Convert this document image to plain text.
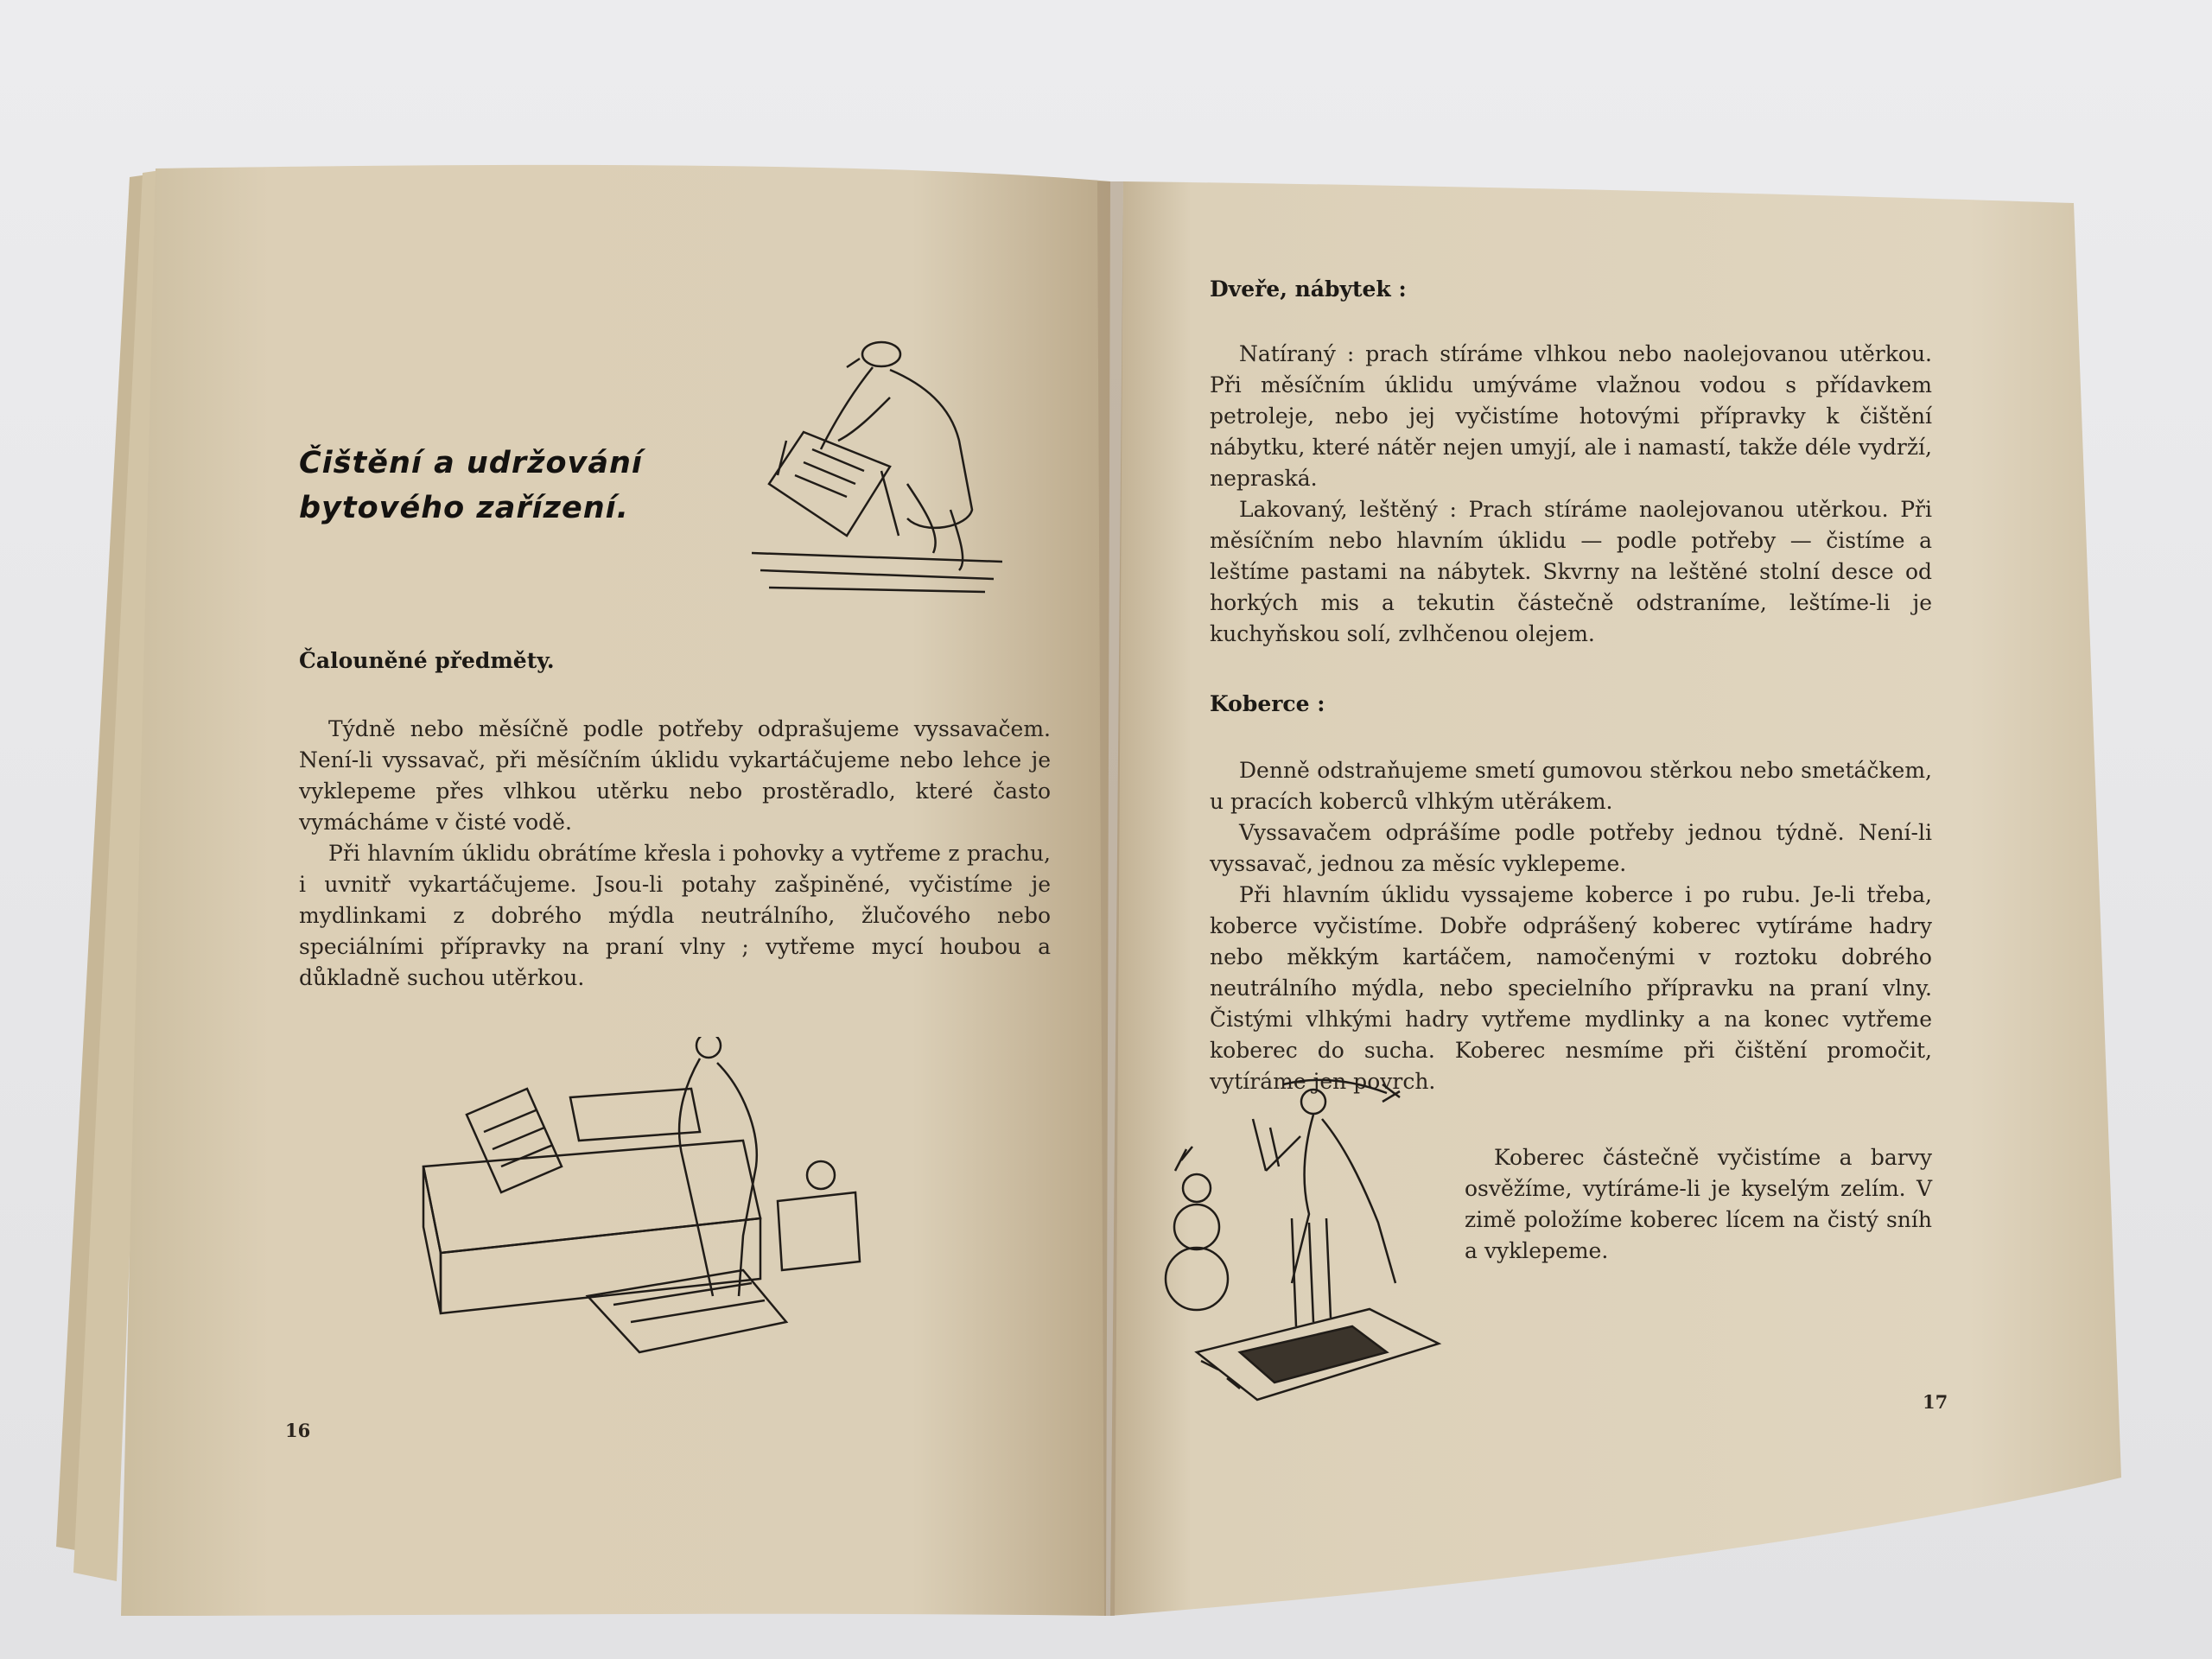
Čištění a udržování
bytového zařízení.
Čalouněné předměty.

Týdně nebo měsíčně podle potřeby odprašujeme vyssavačem. Není-li vyssavač, při měsíčním úklidu vykartáčujeme nebo lehce je vyklepeme přes vlhkou utěrku nebo prostěradlo, které často vymácháme v čisté vodě.

Při hlavním úklidu obrátíme křesla i pohovky a vytřeme z prachu, i uvnitř vykartáčujeme. Jsou-li potahy zašpiněné, vyčistíme je mydlinkami z dobrého mýdla neutrálního, žlučového nebo speciálními přípravky na praní vlny ; vytřeme mycí houbou a důkladně suchou utěrkou.

16

Dveře, nábytek :

Natíraný : prach stíráme vlhkou nebo naolejovanou utěrkou. Při měsíčním úklidu umýváme vlažnou vodou s přídavkem petroleje, nebo jej vyčistíme hotovými přípravky k čištění nábytku, které nátěr nejen umyjí, ale i namastí, takže déle vydrží, nepraská.

Lakovaný, leštěný : Prach stíráme naolejovanou utěrkou. Při měsíčním nebo hlavním úklidu — podle potřeby — čistíme a leštíme pastami na nábytek. Skvrny na leštěné stolní desce od horkých mis a tekutin částečně odstraníme, leštíme-li je kuchyňskou solí, zvlhčenou olejem.

Koberce :

Denně odstraňujeme smetí gumovou stěrkou nebo smetáčkem, u pracích koberců vlhkým utěrákem.

Vyssavačem odprášíme podle potřeby jednou týdně. Není-li vyssavač, jednou za měsíc vyklepeme.

Při hlavním úklidu vyssajeme koberce i po rubu. Je-li třeba, koberce vyčistíme. Dobře odprášený koberec vytíráme hadry nebo měkkým kartáčem, namočenými v roztoku dobrého neutrálního mýdla, nebo specielního přípravku na praní vlny. Čistými vlhkými hadry vytřeme mydlinky a na konec vytřeme koberec do sucha. Koberec nesmíme při čištění promočit, vytíráme jen povrch.

Koberec částečně vyčistíme a barvy osvěžíme, vytíráme-li je kyselým zelím. V zimě položíme koberec lícem na čistý sníh a vyklepeme.

17
